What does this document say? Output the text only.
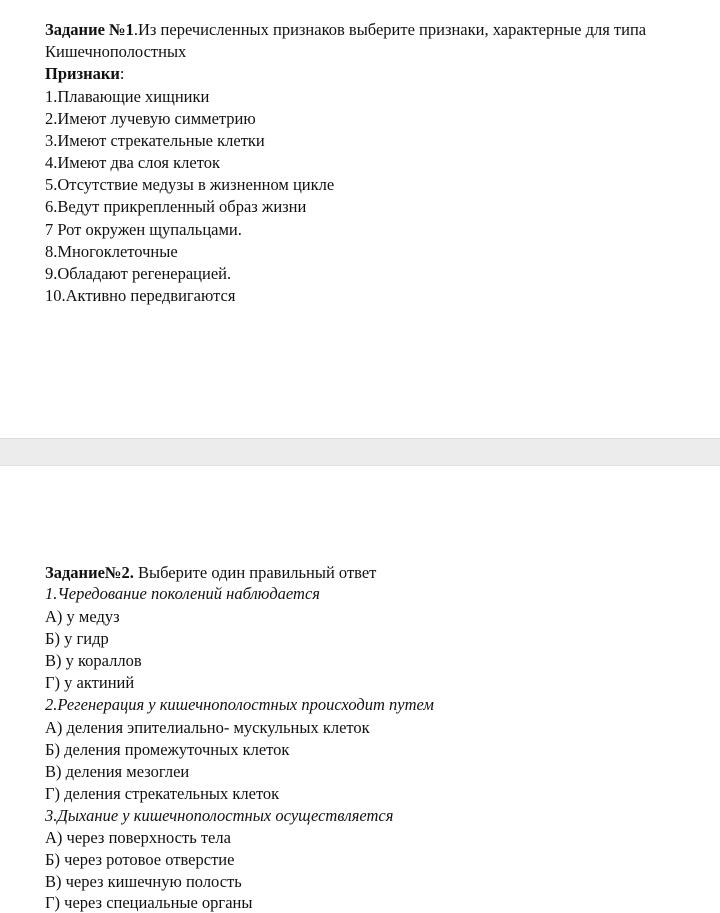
Задание №1.Из перечисленных признаков выберите признаки, характерные для типа
Кишечнополостных
Признаки:
1.Плавающие хищники
2.Имеют лучевую симметрию
3.Имеют стрекательные клетки
4.Имеют два слоя клеток
5.Отсутствие медузы в жизненном цикле
6.Ведут прикрепленный образ жизни
7 Рот окружен щупальцами.
8.Многоклеточные
9.Обладают регенерацией.
10.Активно передвигаются
Задание№2. Выберите один правильный ответ
1.Чередование поколений наблюдается
А) у медуз
Б) у гидр
В) у кораллов
Г) у актиний
2.Регенерация у кишечнополостных происходит путем
А) деления эпителиально- мускульных клеток
Б) деления промежуточных клеток
В) деления мезоглеи
Г) деления стрекательных клеток
3.Дыхание у кишечнополостных осуществляется
А) через поверхность тела
Б) через ротовое отверстие
В) через кишечную полость
Г) через специальные органы
